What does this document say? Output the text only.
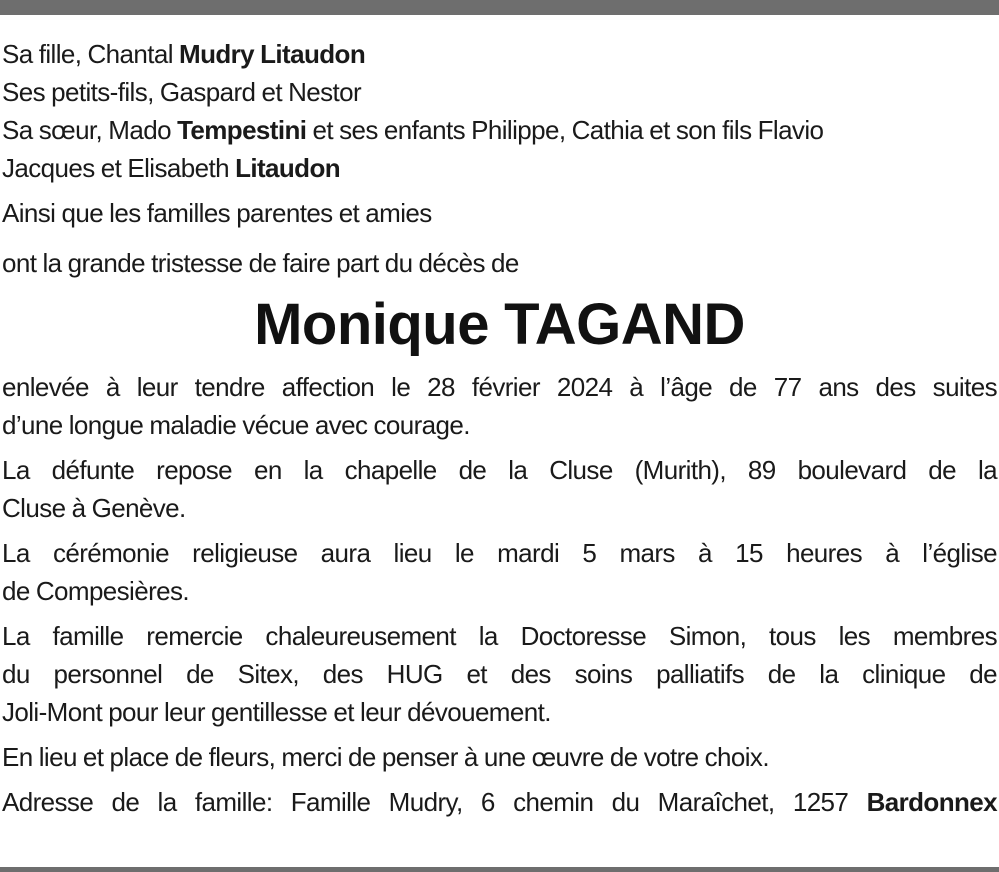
Sa fille, Chantal Mudry Litaudon
Ses petits-fils, Gaspard et Nestor
Sa sœur, Mado Tempestini et ses enfants Philippe, Cathia et son fils Flavio
Jacques et Elisabeth Litaudon
Ainsi que les familles parentes et amies
ont la grande tristesse de faire part du décès de
Monique TAGAND
enlevée à leur tendre affection le 28 février 2024 à l’âge de 77 ans des suites
d’une longue maladie vécue avec courage.
La défunte repose en la chapelle de la Cluse (Murith), 89 boulevard de la
Cluse à Genève.
La cérémonie religieuse aura lieu le mardi 5 mars à 15 heures à l’église
de Compesières.
La famille remercie chaleureusement la Doctoresse Simon, tous les membres
du personnel de Sitex, des HUG et des soins palliatifs de la clinique de
Joli-Mont pour leur gentillesse et leur dévouement.
En lieu et place de fleurs, merci de penser à une œuvre de votre choix.
Adresse de la famille: Famille Mudry, 6 chemin du Maraîchet, 1257 Bardonnex
